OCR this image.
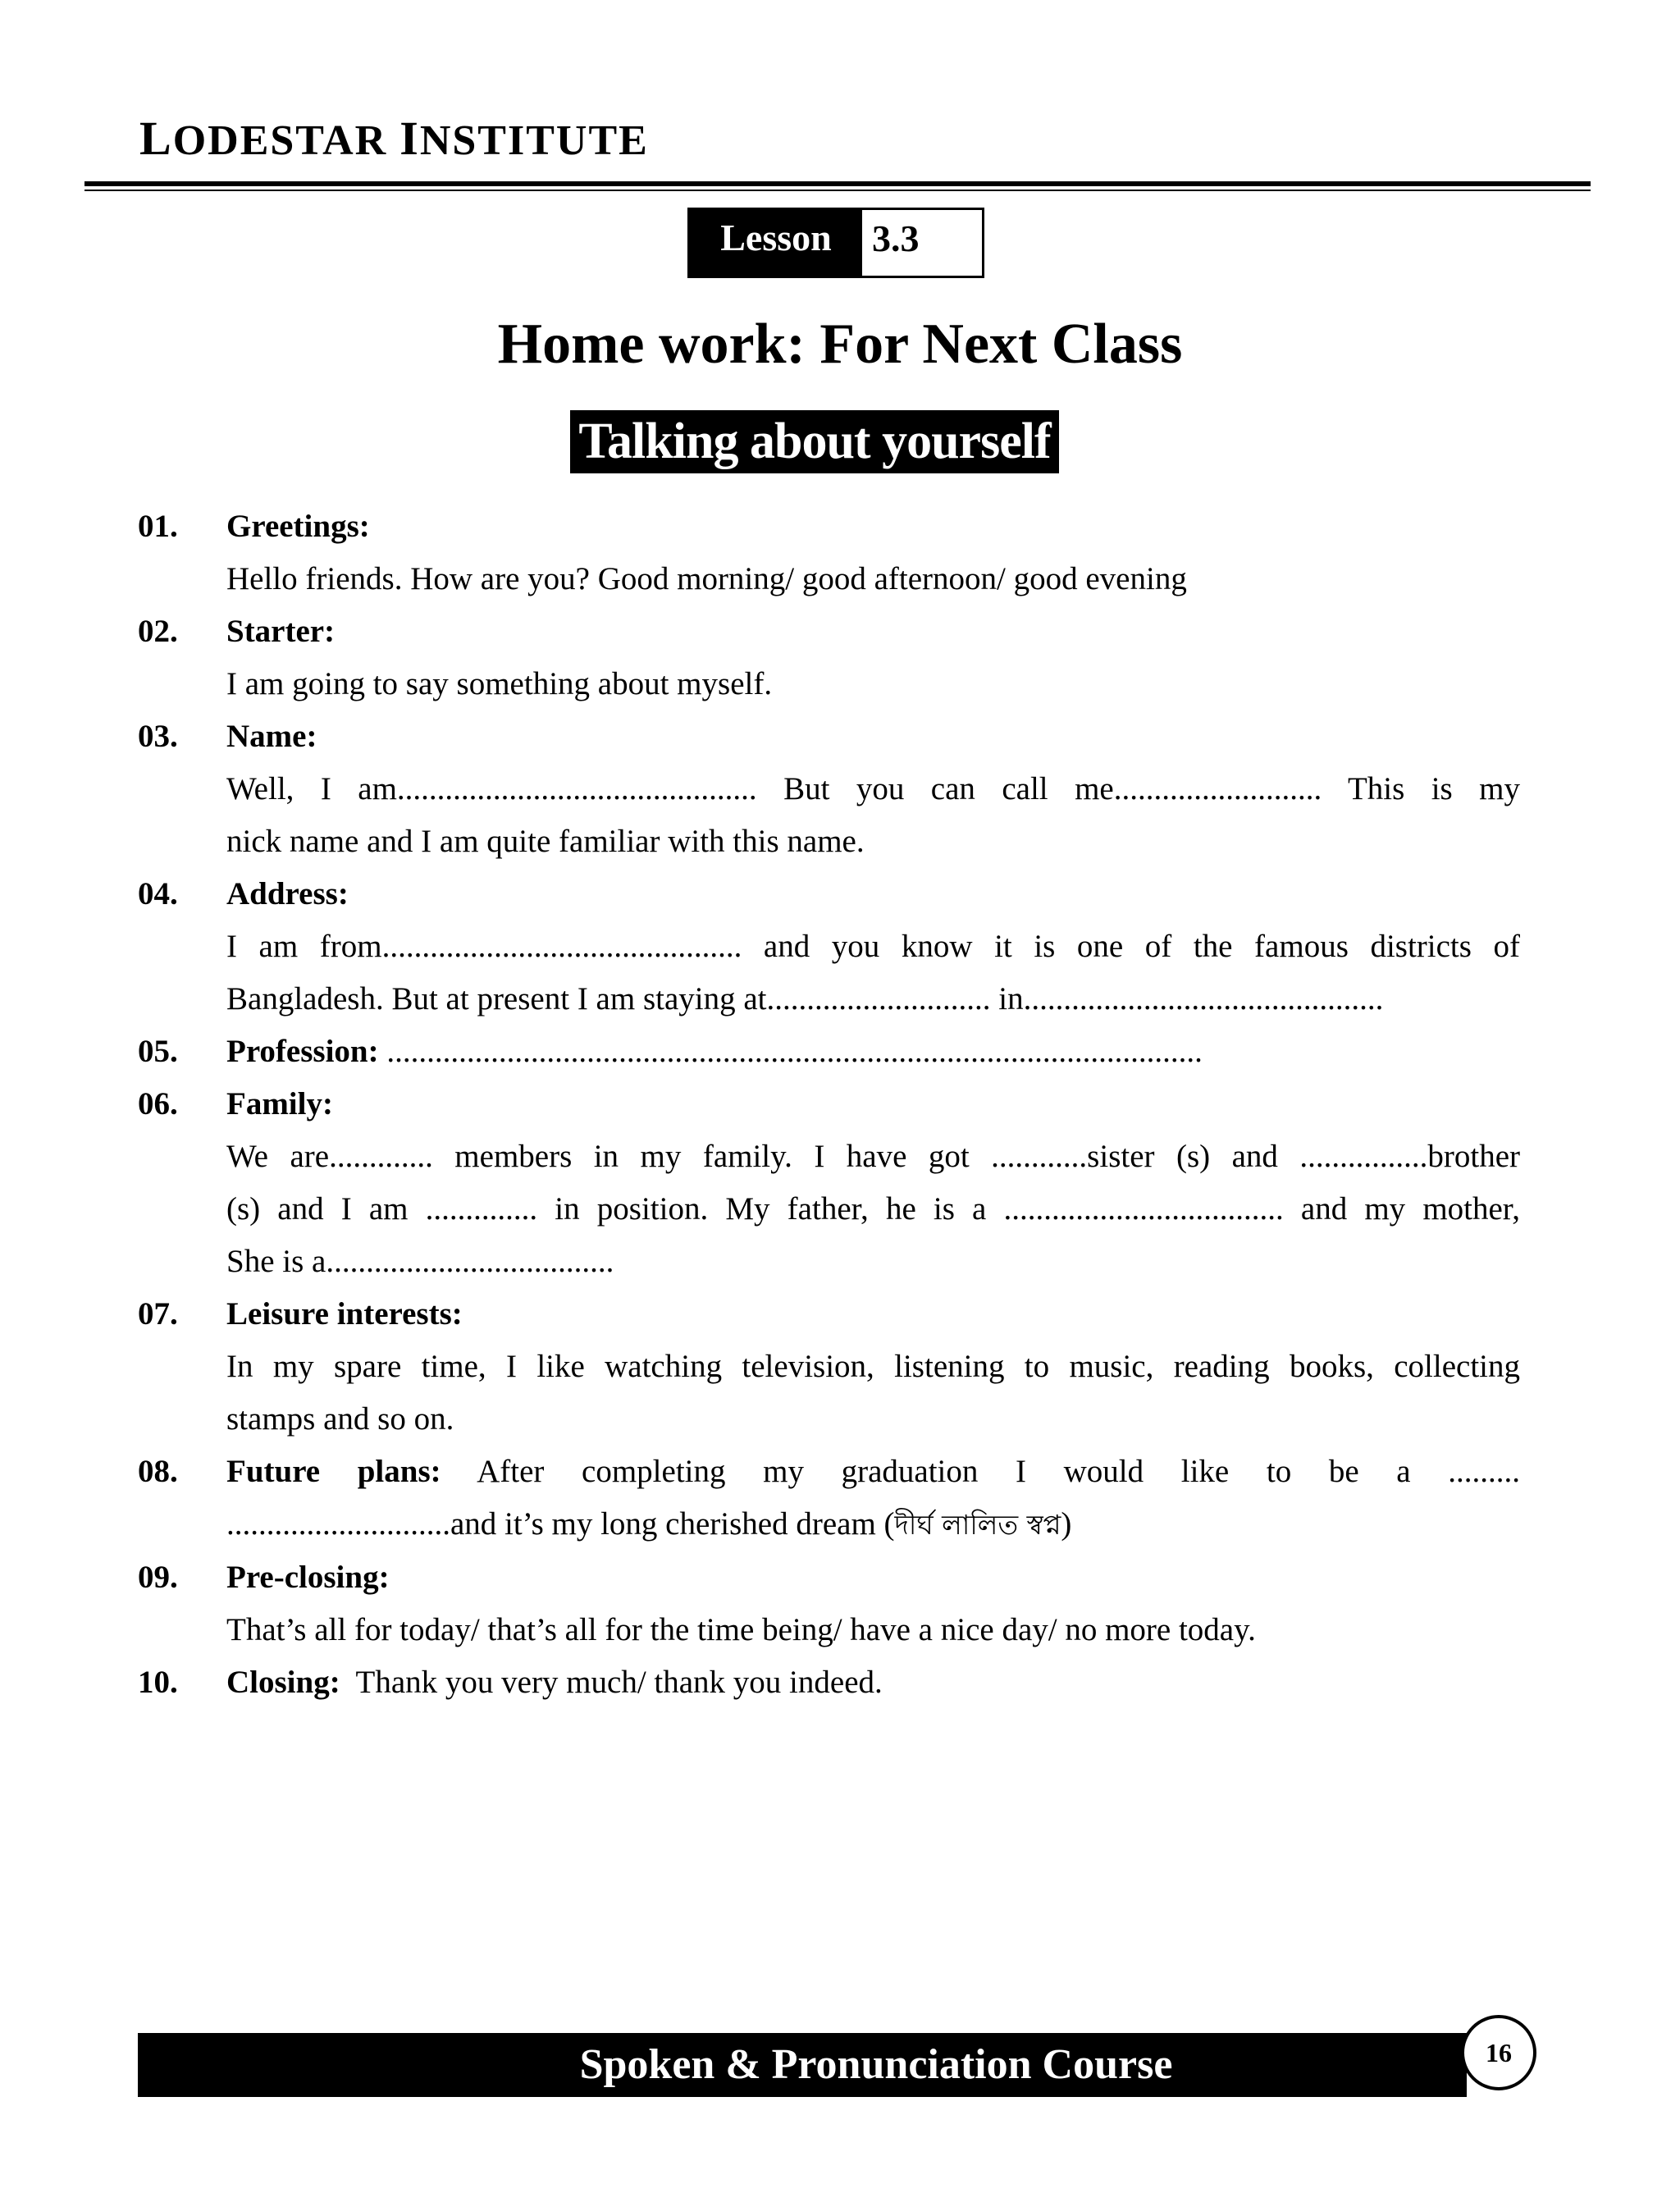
LODESTAR INSTITUTE
Lesson	3.3
Home work: For Next Class
Talking about yourself
01.	Greetings:
Hello friends. How are you? Good morning/ good afternoon/ good evening
02.	Starter:
I am going to say something about myself.
03.	Name:
Well, I am............................................. But you can call me.......................... This is my
nick name and I am quite familiar with this name.
04.	Address:
I am from............................................. and you know it is one of the famous districts of
Bangladesh. But at present I am staying at............................ in.............................................
05.	Profession: ......................................................................................................
06.	Family:
We are............. members in my family. I have got ............sister (s) and ................brother
(s) and I am .............. in position. My father, he is a ................................... and my mother,
She is a....................................
07.	Leisure interests:
In my spare time, I like watching television, listening to music, reading books, collecting
stamps and so on.
08.	Future plans: After completing my graduation I would like to be a .........
............................and it’s my long cherished dream (দীর্ঘ লালিত স্বপ্ন)
09.	Pre-closing:
That’s all for today/ that’s all for the time being/ have a nice day/ no more today.
10.	Closing:  Thank you very much/ thank you indeed.
Spoken & Pronunciation Course	16
